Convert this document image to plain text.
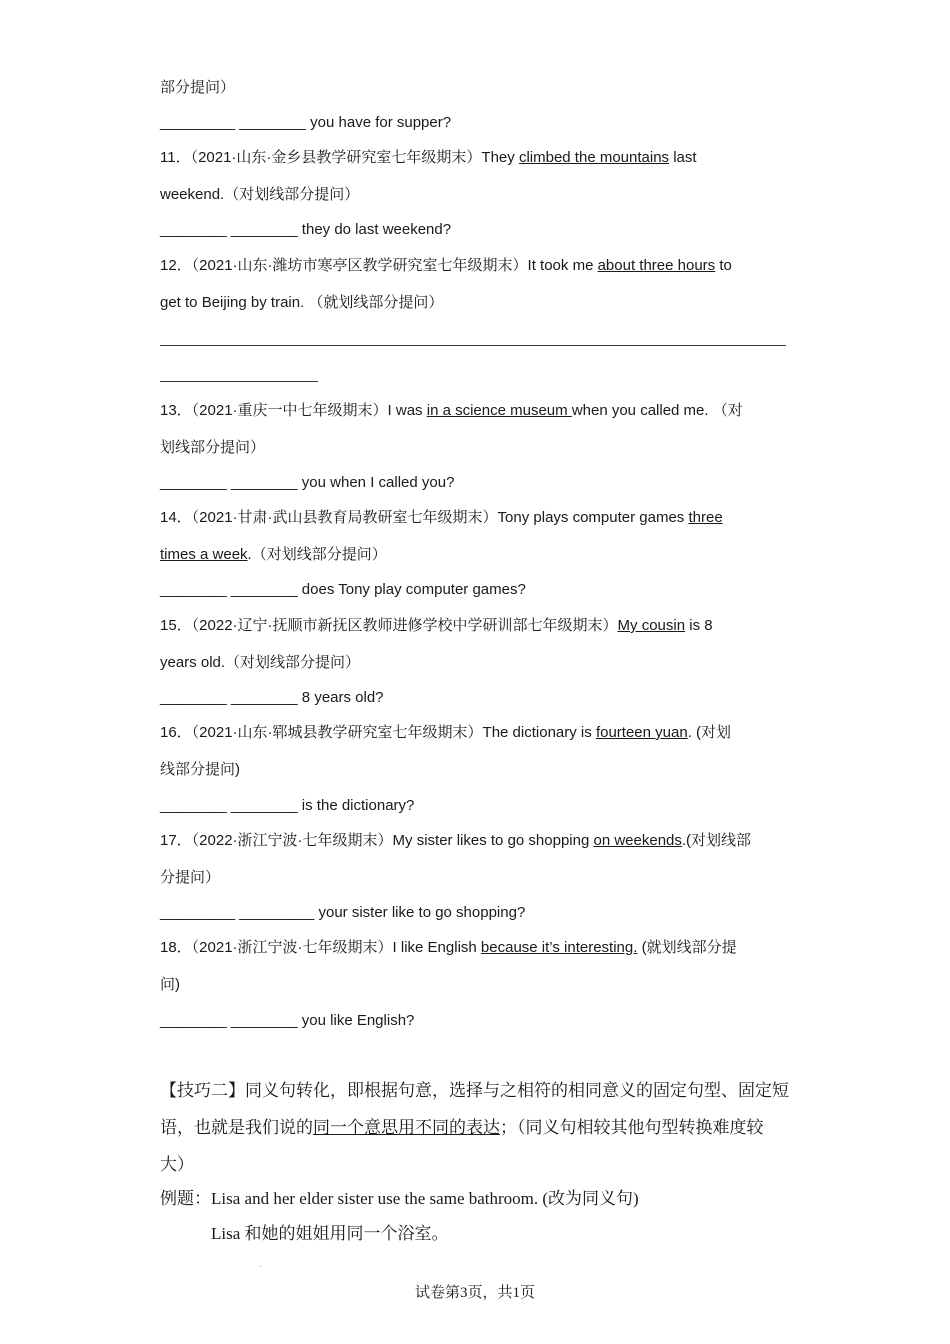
部分提问）
_________ ________ you have for supper?
11．（2021·山东·金乡县教学研究室七年级期末）They climbed the mountains last
weekend.（对划线部分提问）
________ ________ they do last weekend?
12．（2021·山东·潍坊市寒亭区教学研究室七年级期末）It took me about three hours to
get to Beijing by train. （就划线部分提问）
13．（2021·重庆一中七年级期末）I was in a science museum when you called me. （对
划线部分提问）
________ ________ you when I called you?
14．（2021·甘肃·武山县教育局教研室七年级期末）Tony plays computer games three
times a week.（对划线部分提问）
________ ________ does Tony play computer games?
15．（2022·辽宁·抚顺市新抚区教师进修学校中学研训部七年级期末）My cousin is 8
years old.（对划线部分提问）
________ ________ 8 years old?
16．（2021·山东·郓城县教学研究室七年级期末）The dictionary is fourteen yuan. (对划
线部分提问)
________ ________ is the dictionary?
17．（2022·浙江宁波·七年级期末）My sister likes to go shopping on weekends.(对划线部
分提问）
_________ _________ your sister like to go shopping?
18．（2021·浙江宁波·七年级期末）I like English because it’s interesting. (就划线部分提
问)
________ ________ you like English?
【技巧二】同义句转化，即根据句意，选择与之相符的相同意义的固定句型、固定短
语，也就是我们说的同一个意思用不同的表达；（同义句相较其他句型转换难度较
大）
例题：Lisa and her elder sister use the same bathroom. (改为同义句)
Lisa 和她的姐姐用同一个浴室。
试卷第3页，共1页
